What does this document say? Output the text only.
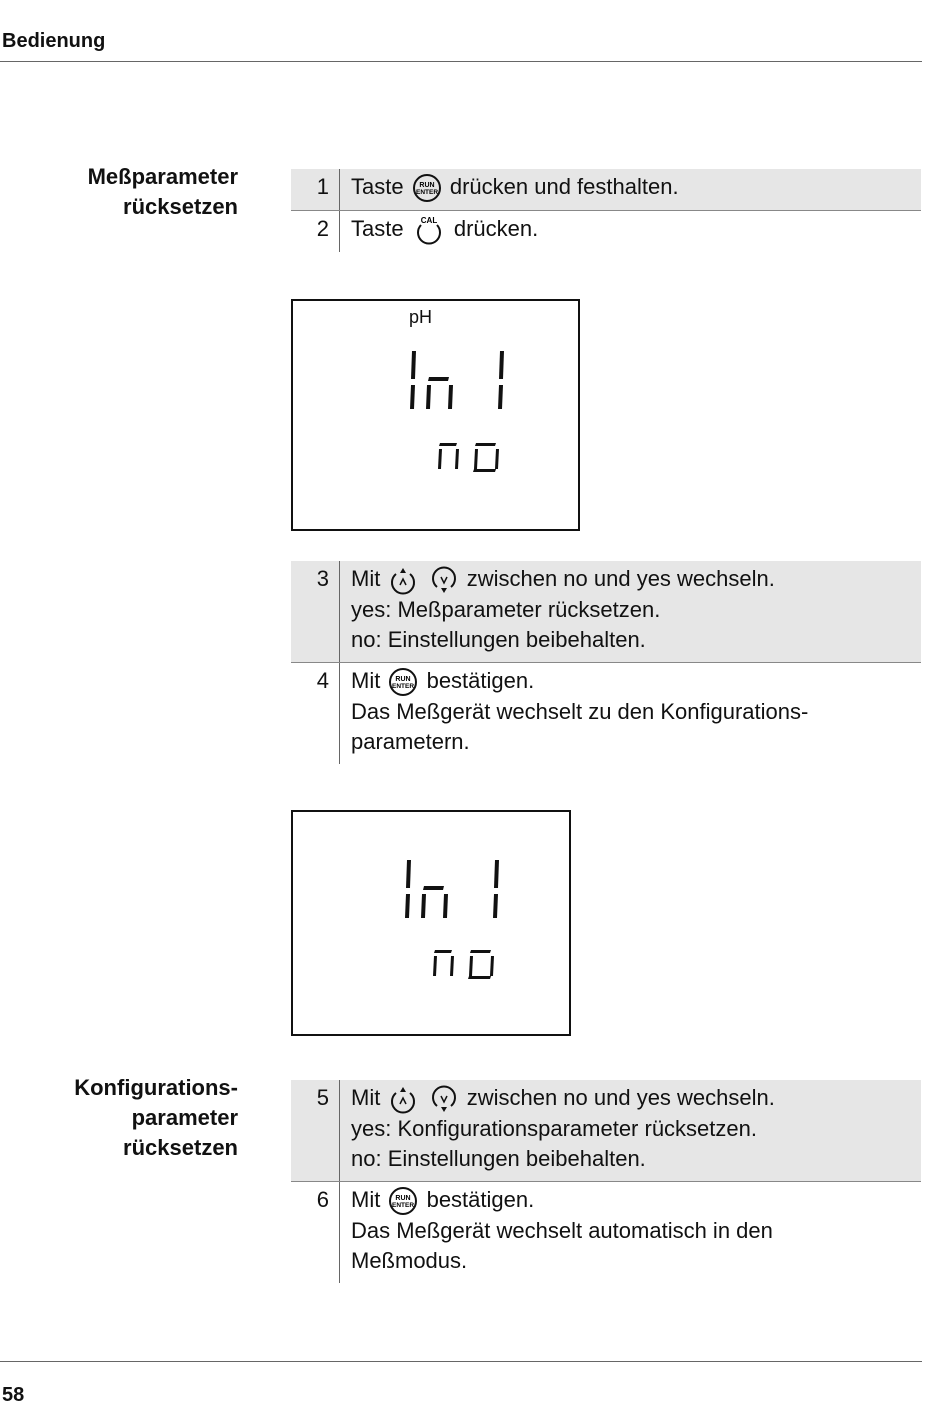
Bedienung
Meßparameter
rücksetzen
1	Taste RUN
ENTER drücken und festhalten.
2	Taste CAL drücken.
pH
3	Mit
	zwischen no und yes wechseln.
yes: Meßparameter rücksetzen.
no: Einstellungen beibehalten.
4	Mit RUN
ENTER bestätigen.
Das Meßgerät wechselt zu den Konfigurations-
parametern.
Konfigurations-
parameter
rücksetzen
5	Mit
	zwischen no und yes wechseln.
yes: Konfigurationsparameter rücksetzen.
no: Einstellungen beibehalten.
6	Mit RUN
ENTER bestätigen.
Das Meßgerät wechselt automatisch in den
Meßmodus.
58
